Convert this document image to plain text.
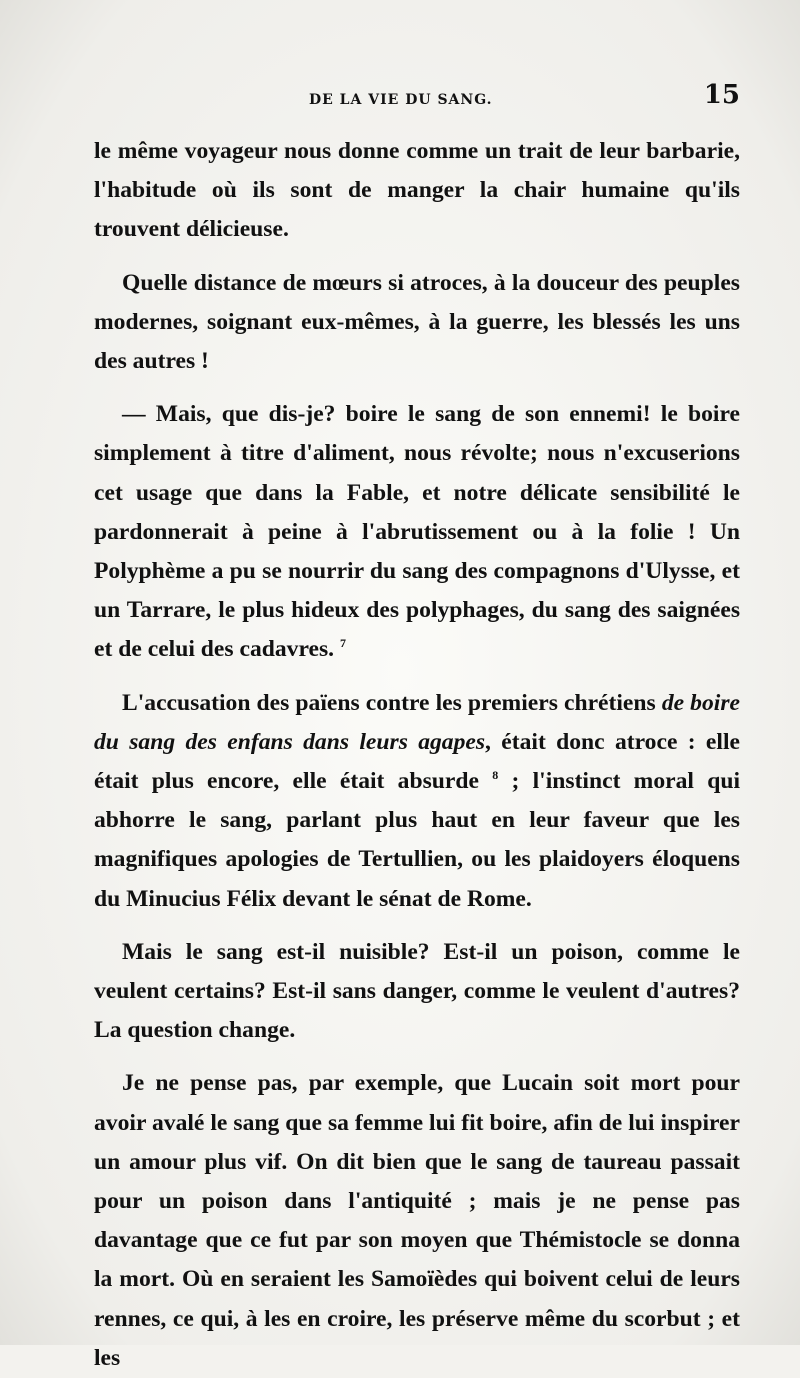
DE LA VIE DU SANG.	15

le même voyageur nous donne comme un trait de leur barbarie, l'habitude où ils sont de manger la chair humaine qu'ils trouvent délicieuse.

Quelle distance de mœurs si atroces, à la douceur des peuples modernes, soignant eux-mêmes, à la guerre, les blessés les uns des autres !

— Mais, que dis-je? boire le sang de son ennemi! le boire simplement à titre d'aliment, nous révolte; nous n'excuserions cet usage que dans la Fable, et notre délicate sensibilité le pardonnerait à peine à l'abrutissement ou à la folie ! Un Polyphème a pu se nourrir du sang des compagnons d'Ulysse, et un Tarrare, le plus hideux des polyphages, du sang des saignées et de celui des cadavres. $^7$

L'accusation des païens contre les premiers chrétiens de boire du sang des enfans dans leurs agapes, était donc atroce : elle était plus encore, elle était absurde $^8$ ; l'instinct moral qui abhorre le sang, parlant plus haut en leur faveur que les magnifiques apologies de Tertullien, ou les plaidoyers éloquens du Minucius Félix devant le sénat de Rome.

Mais le sang est-il nuisible? Est-il un poison, comme le veulent certains? Est-il sans danger, comme le veulent d'autres? La question change.

Je ne pense pas, par exemple, que Lucain soit mort pour avoir avalé le sang que sa femme lui fit boire, afin de lui inspirer un amour plus vif. On dit bien que le sang de taureau passait pour un poison dans l'antiquité ; mais je ne pense pas davantage que ce fut par son moyen que Thémistocle se donna la mort. Où en seraient les Samoïèdes qui boivent celui de leurs rennes, ce qui, à les en croire, les préserve même du scorbut ; et les
